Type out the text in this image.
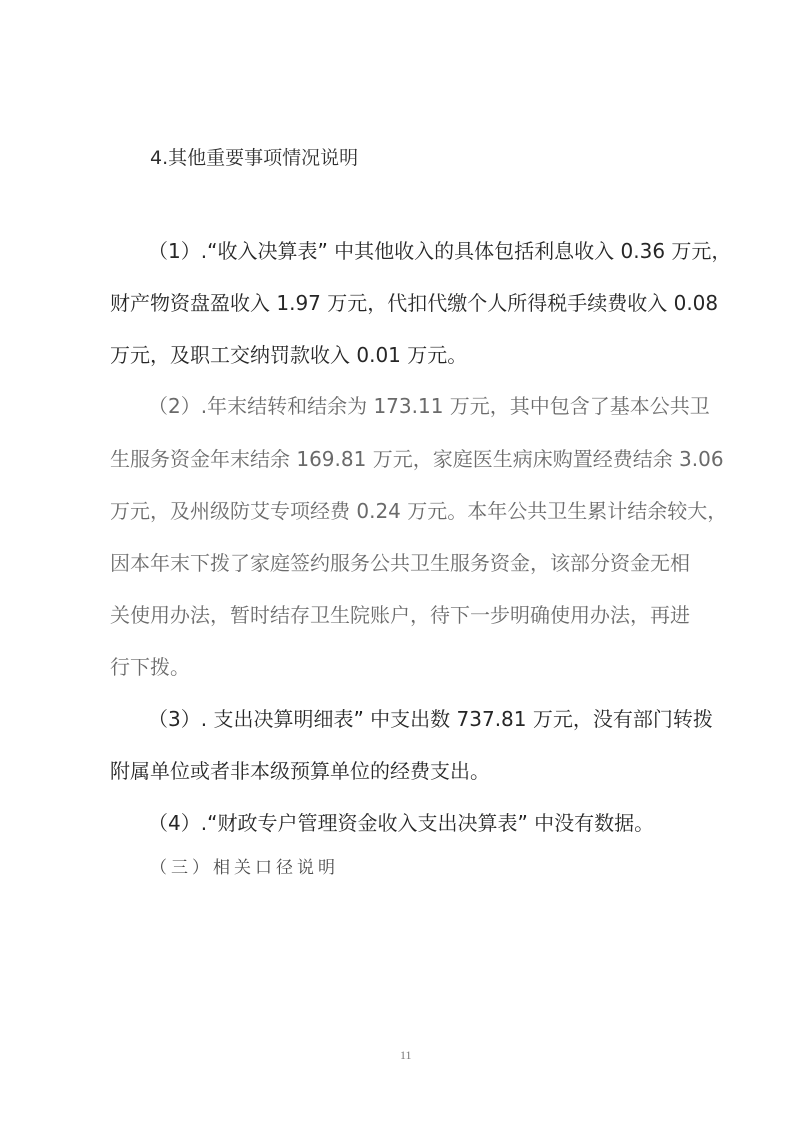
4.其他重要事项情况说明
（1）.“收入决算表” 中其他收入的具体包括利息收入 0.36 万元，
财产物资盘盈收入 1.97 万元，代扣代缴个人所得税手续费收入 0.08
万元，及职工交纳罚款收入 0.01 万元。
（2）.年末结转和结余为 173.11 万元，其中包含了基本公共卫
生服务资金年末结余 169.81 万元，家庭医生病床购置经费结余 3.06
万元，及州级防艾专项经费 0.24 万元。本年公共卫生累计结余较大，
因本年末下拨了家庭签约服务公共卫生服务资金，该部分资金无相
关使用办法，暂时结存卫生院账户，待下一步明确使用办法，再进
行下拨。
（3）. 支出决算明细表” 中支出数 737.81 万元，没有部门转拨
附属单位或者非本级预算单位的经费支出。
（4）.“财政专户管理资金收入支出决算表” 中没有数据。
（三）相关口径说明
11
